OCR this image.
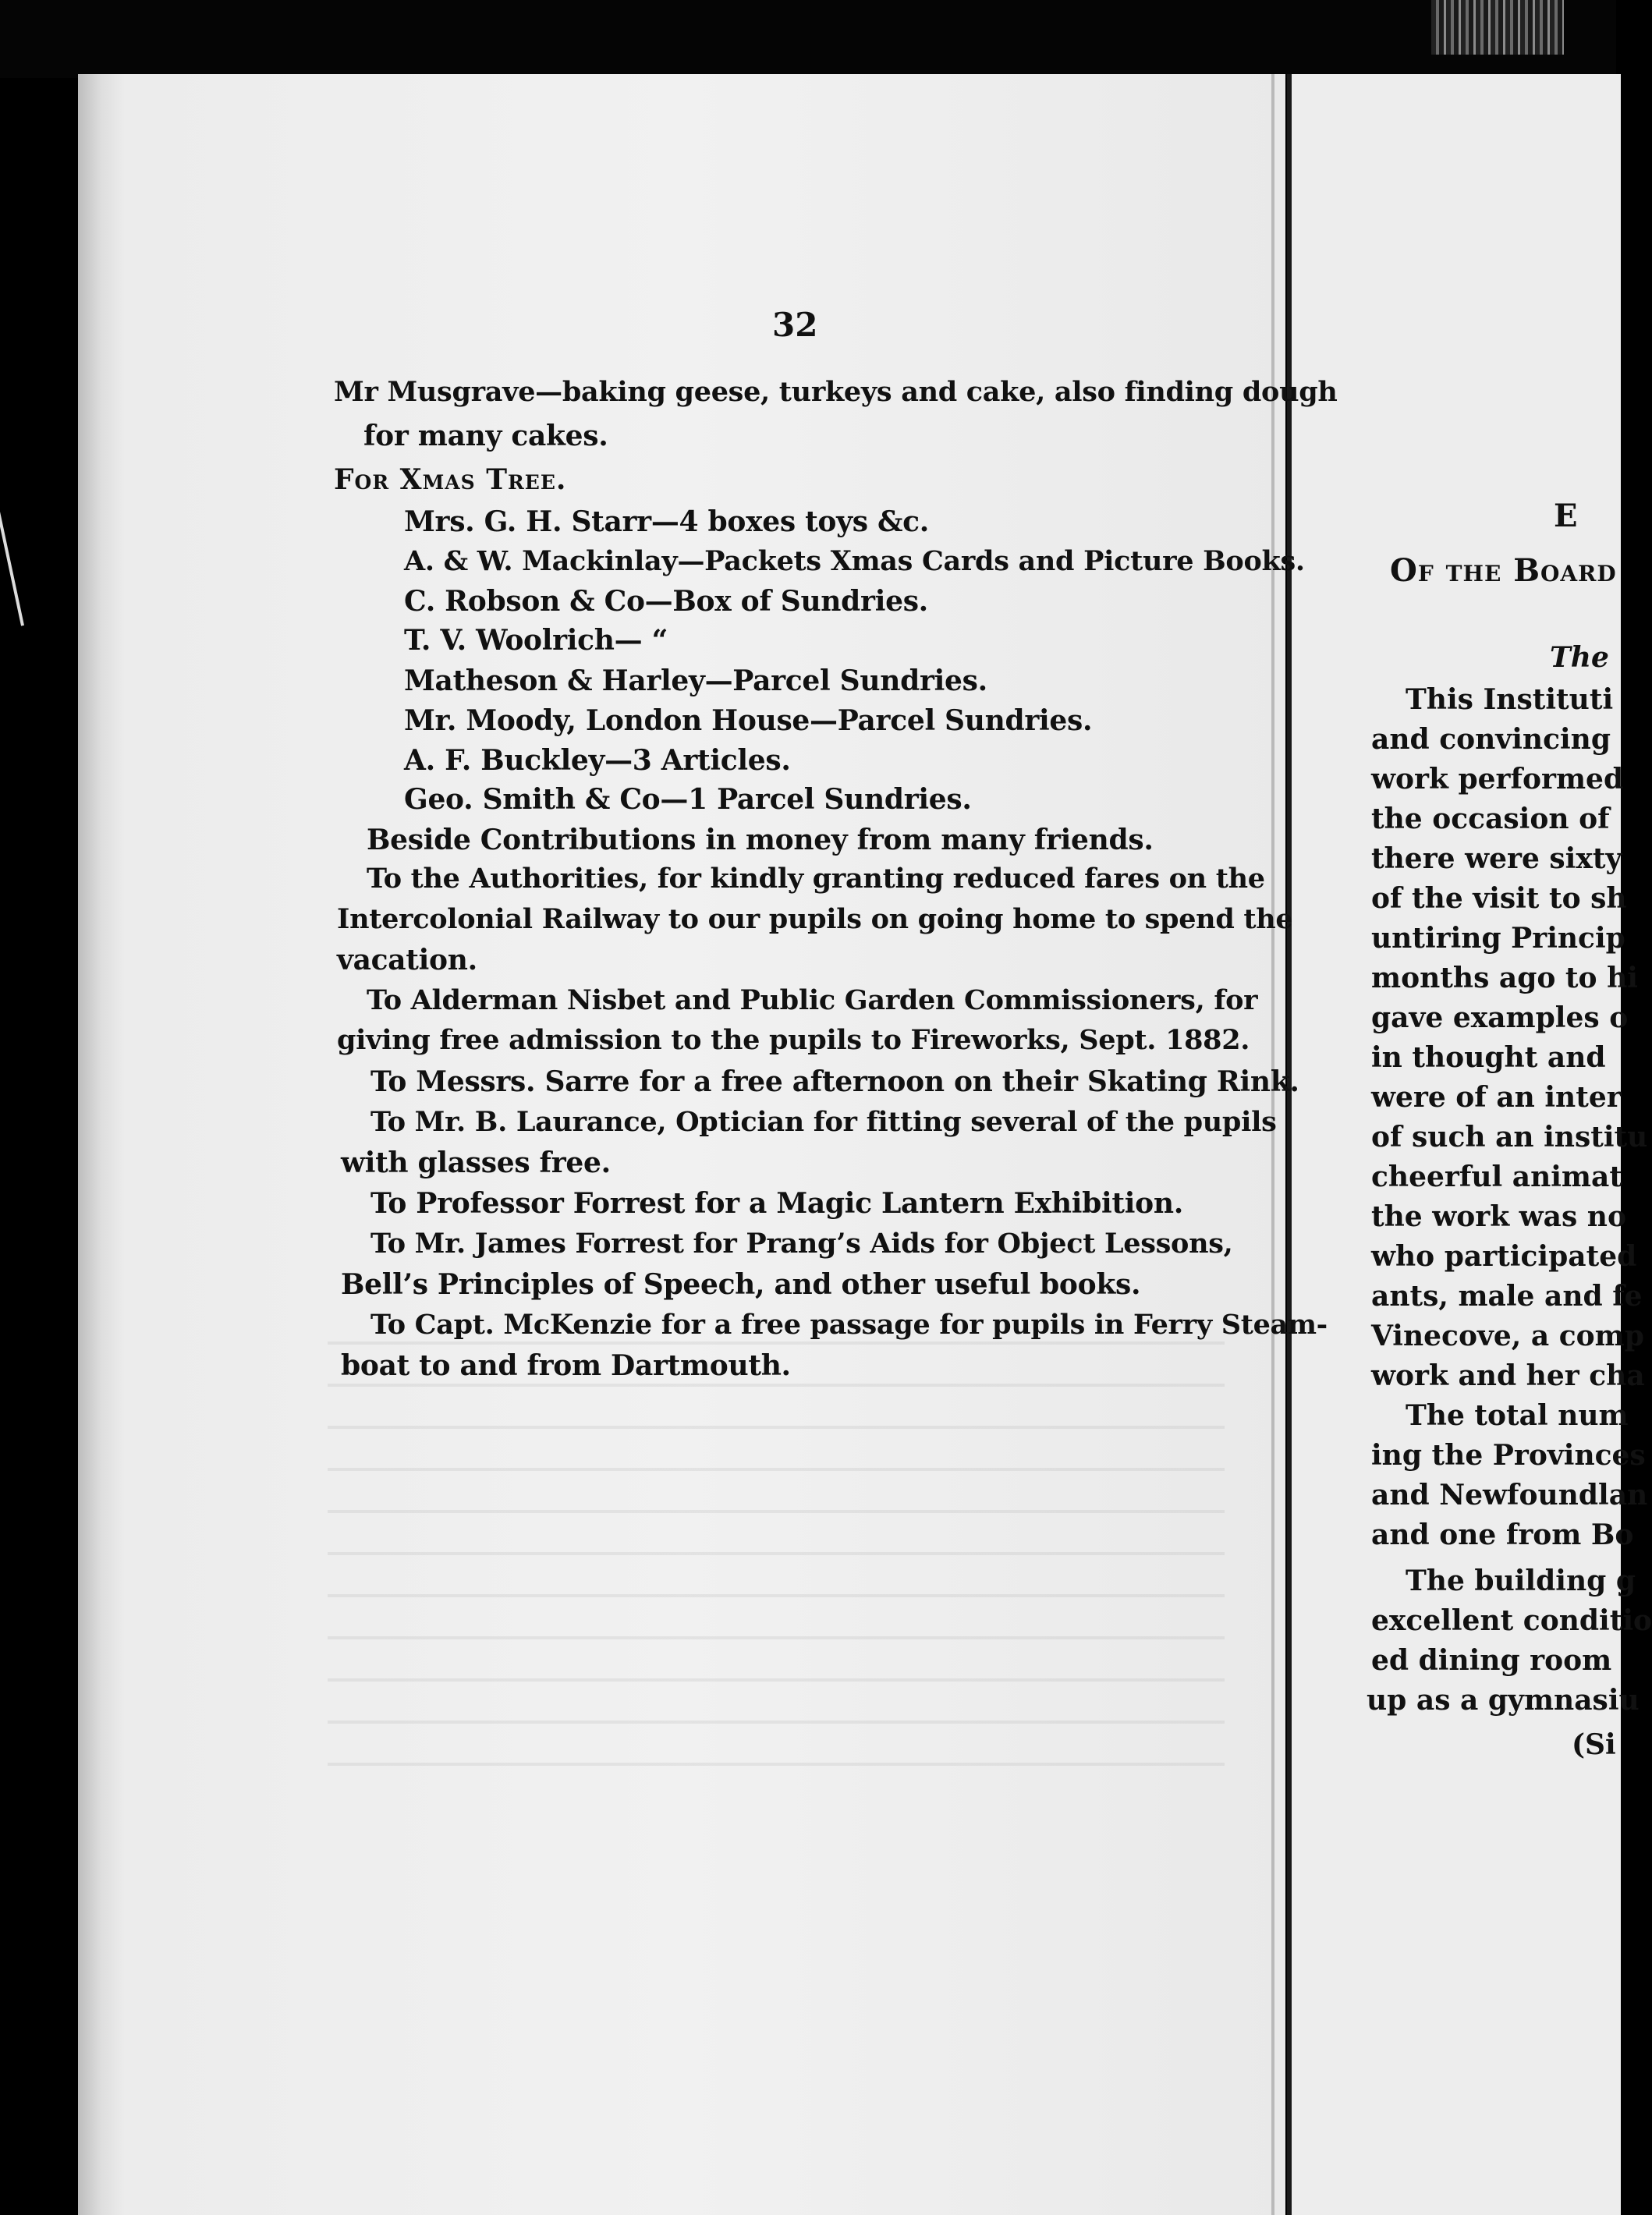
32
Mr Musgrave—baking geese, turkeys and cake, also finding dough
for many cakes.
For Xmas Tree.
Mrs. G. H. Starr—4 boxes toys &c.
A. & W. Mackinlay—Packets Xmas Cards and Picture Books.
C. Robson & Co—Box of Sundries.
T. V. Woolrich— “
Matheson & Harley—Parcel Sundries.
Mr. Moody, London House—Parcel Sundries.
A. F. Buckley—3 Articles.
Geo. Smith & Co—1 Parcel Sundries.
Beside Contributions in money from many friends.
To the Authorities, for kindly granting reduced fares on the
Intercolonial Railway to our pupils on going home to spend the
vacation.
To Alderman Nisbet and Public Garden Commissioners, for
giving free admission to the pupils to Fireworks, Sept. 1882.
To Messrs. Sarre for a free afternoon on their Skating Rink.
To Mr. B. Laurance, Optician for fitting several of the pupils
with glasses free.
To Professor Forrest for a Magic Lantern Exhibition.
To Mr. James Forrest for Prang’s Aids for Object Lessons,
Bell’s Principles of Speech, and other useful books.
To Capt. McKenzie for a free passage for pupils in Ferry Steam-
boat to and from Dartmouth.
E
Of the Board
The
This Instituti
and convincing
work performed
the occasion of
there were sixty
of the visit to sh
untiring Princip
months ago to hi
gave examples o
in thought and
were of an inter
of such an institu
cheerful animat
the work was no
who participated
ants, male and fe
Vinecove, a comp
work and her cha
The total num
ing the Provinces
and Newfoundlan
and one from Bo
The building g
excellent conditio
ed dining room
up as a gymnasiu
(Si
